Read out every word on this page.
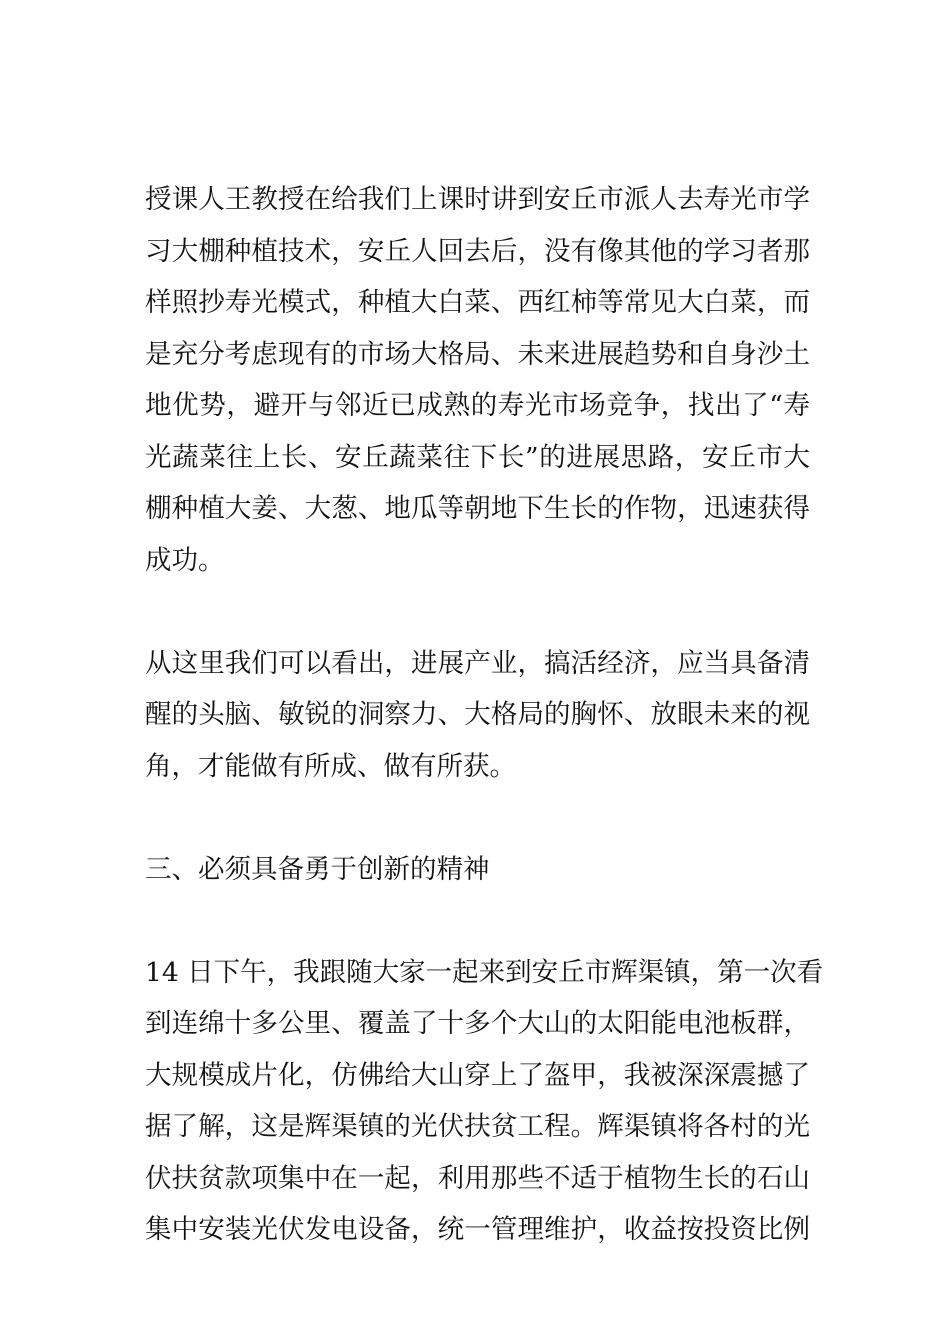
授课人王教授在给我们上课时讲到安丘市派人去寿光市学
习大棚种植技术，安丘人回去后，没有像其他的学习者那
样照抄寿光模式，种植大白菜、西红柿等常见大白菜，而
是充分考虑现有的市场大格局、未来进展趋势和自身沙土
地优势，避开与邻近已成熟的寿光市场竞争，找出了“寿
光蔬菜往上长、安丘蔬菜往下长”的进展思路，安丘市大
棚种植大姜、大葱、地瓜等朝地下生长的作物，迅速获得
成功。
从这里我们可以看出，进展产业，搞活经济，应当具备清
醒的头脑、敏锐的洞察力、大格局的胸怀、放眼未来的视
角，才能做有所成、做有所获。
三、必须具备勇于创新的精神
14 日下午，我跟随大家一起来到安丘市辉渠镇，第一次看
到连绵十多公里、覆盖了十多个大山的太阳能电池板群，
大规模成片化，仿佛给大山穿上了盔甲，我被深深震撼了
据了解，这是辉渠镇的光伏扶贫工程。辉渠镇将各村的光
伏扶贫款项集中在一起，利用那些不适于植物生长的石山
集中安装光伏发电设备，统一管理维护，收益按投资比例
